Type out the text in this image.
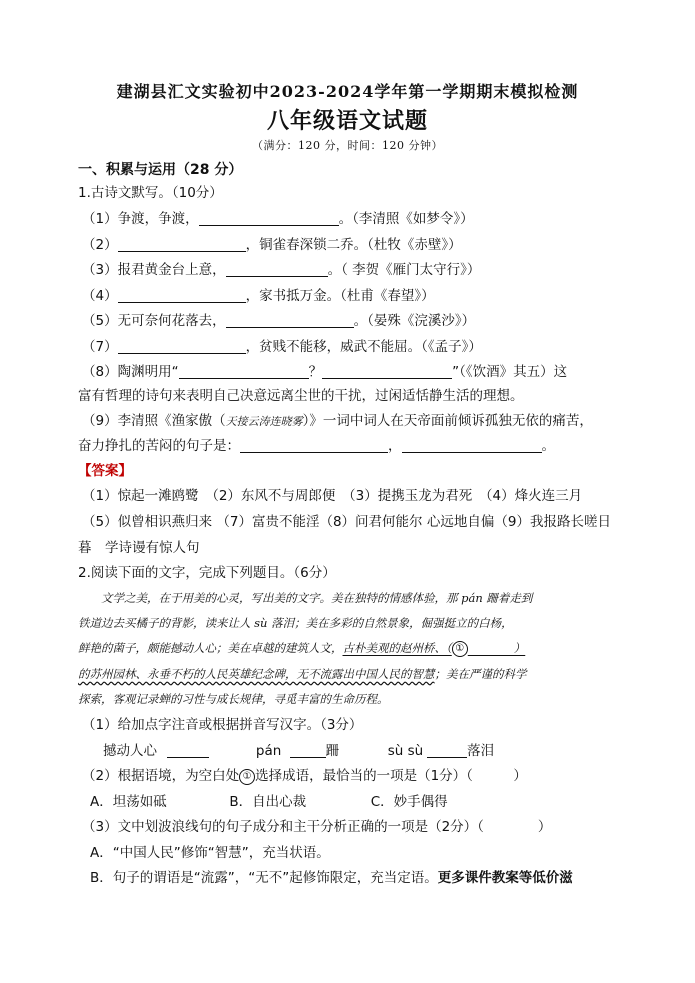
建湖县汇文实验初中2023-2024学年第一学期期末模拟检测
八年级语文试题
（满分：120 分，时间：120 分钟）
一、积累与运用（28 分）
1.古诗文默写。（10分）
（1）争渡，争渡，	。（李清照《如梦令》）
（2）	，铜雀春深锁二乔。（杜牧《赤壁》）
（3）报君黄金台上意，	。（ 李贺《雁门太守行》）
（4）	，家书抵万金。（杜甫《春望》）
（5）无可奈何花落去，	。（晏殊《浣溪沙》）
（7）	，贫贱不能移，威武不能屈。（《孟子》）
（8）陶渊明用“	？	”（《饮酒》其五）这
富有哲理的诗句来表明自己决意远离尘世的干扰，过闲适恬静生活的理想。
（9）李清照《渔家傲（天接云涛连晓雾）》一词中词人在天帝面前倾诉孤独无依的痛苦，
奋力挣扎的苦闷的句子是：	，	。
【答案】
（1）惊起一滩鸥鹭　（2）东风不与周郎便　（3）提携玉龙为君死　（4）烽火连三月
（5）似曾相识燕归来 （7）富贵不能淫（8）问君何能尔 心远地自偏（9）我报路长嗟日
暮　学诗谩有惊人句
2.阅读下面的文字，完成下列题目。（6分）
　　文学之美，在于用美的心灵，写出美的文字。美在独特的情感体验，那 pán 跚着走到
铁道边去买橘子的背影，读来让人 sù 落泪；美在多彩的自然景象，倔强挺立的白杨，
鲜艳的菌子，颇能撼动人心；美在卓越的建筑人文，古朴美观的赵州桥、（ ①　　　　）
的苏州园林、永垂不朽的人民英雄纪念碑，无不流露出中国人民的智慧；美在严谨的科学
探索，客观记录蝉的习性与成长规律，寻觅丰富的生命历程。
（1）给加点字注音或根据拼音写汉字。（3分）
撼动人心	pán	跚	sù sù	落泪
（2）根据语境，为空白处 ① 选择成语，最恰当的一项是（1分）（　　　）
A．坦荡如砥	B．自出心裁	C．妙手偶得
（3）文中划波浪线句的句子成分和主干分析正确的一项是（2分）（　　　　）
A．“中国人民”修饰“智慧”，充当状语。
B．句子的谓语是“流露”，“无不”起修饰限定，充当定语。更多课件教案等低价滋
